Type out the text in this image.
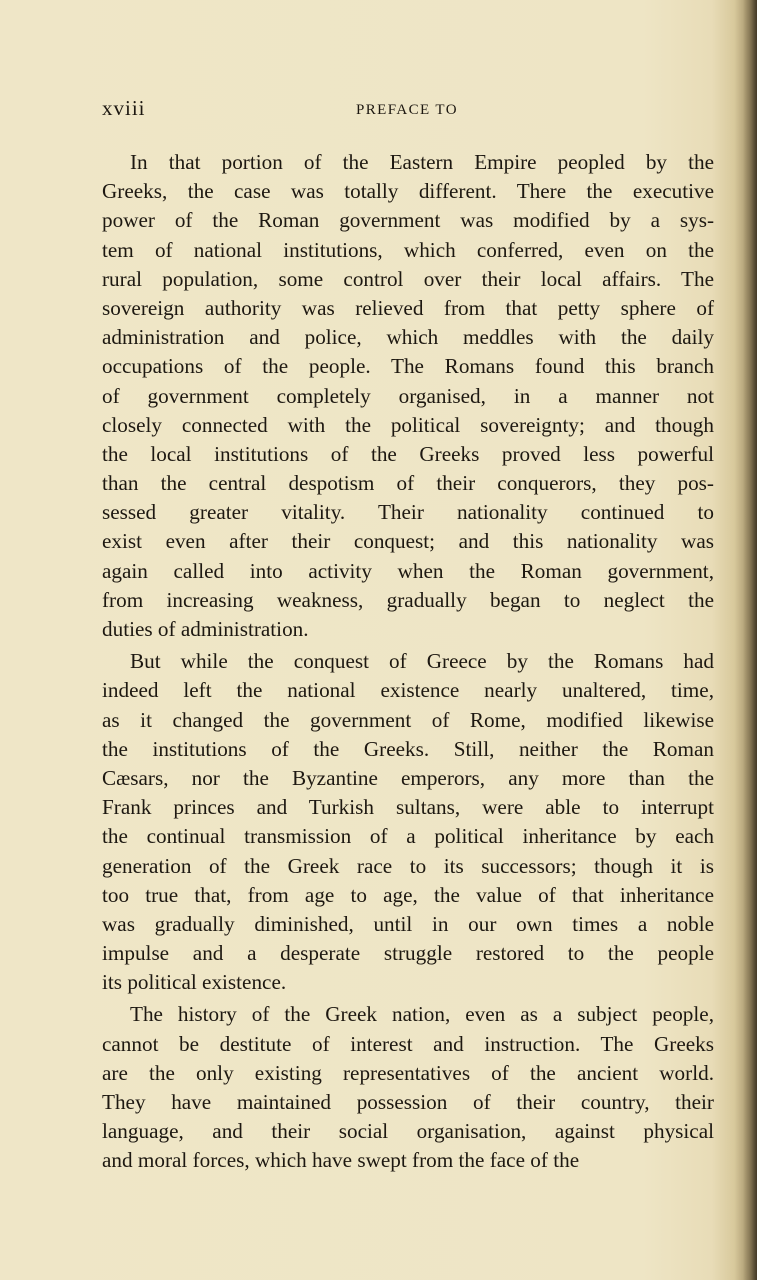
xviii	PREFACE TO
In that portion of the Eastern Empire peopled by the
Greeks, the case was totally different. There the executive
power of the Roman government was modified by a sys-
tem of national institutions, which conferred, even on the
rural population, some control over their local affairs. The
sovereign authority was relieved from that petty sphere of
administration and police, which meddles with the daily
occupations of the people. The Romans found this branch
of government completely organised, in a manner not
closely connected with the political sovereignty; and though
the local institutions of the Greeks proved less powerful
than the central despotism of their conquerors, they pos-
sessed greater vitality. Their nationality continued to
exist even after their conquest; and this nationality was
again called into activity when the Roman government,
from increasing weakness, gradually began to neglect the
duties of administration.
But while the conquest of Greece by the Romans had
indeed left the national existence nearly unaltered, time,
as it changed the government of Rome, modified likewise
the institutions of the Greeks. Still, neither the Roman
Cæsars, nor the Byzantine emperors, any more than the
Frank princes and Turkish sultans, were able to interrupt
the continual transmission of a political inheritance by each
generation of the Greek race to its successors; though it is
too true that, from age to age, the value of that inheritance
was gradually diminished, until in our own times a noble
impulse and a desperate struggle restored to the people
its political existence.
The history of the Greek nation, even as a subject people,
cannot be destitute of interest and instruction. The Greeks
are the only existing representatives of the ancient world.
They have maintained possession of their country, their
language, and their social organisation, against physical
and moral forces, which have swept from the face of the
